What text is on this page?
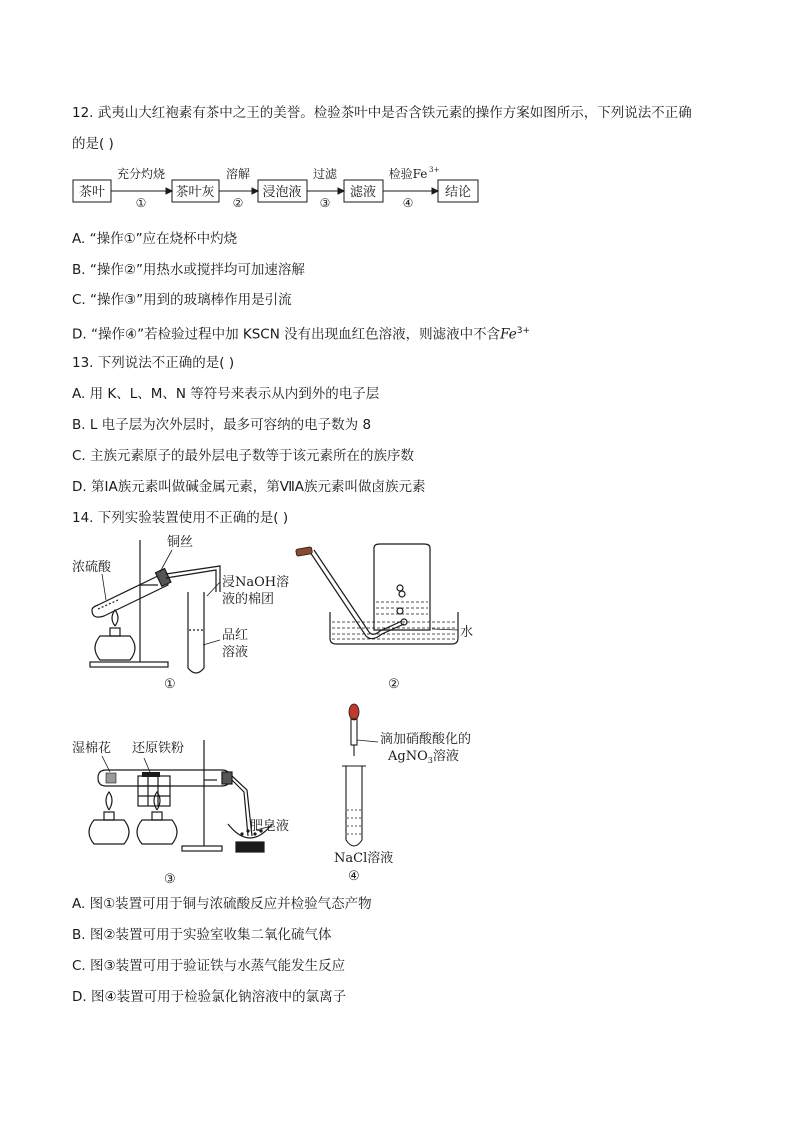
12. 武夷山大红袍素有茶中之王的美誉。检验茶叶中是否含铁元素的操作方案如图所示，下列说法不正确
的是( )
茶叶	茶叶灰	浸泡液	滤液	结论
充分灼烧	溶解	过滤	检验Fe 3+
①	②	③	④
A. “操作①”应在烧杯中灼烧
B. “操作②”用热水或搅拌均可加速溶解
C. “操作③”用到的玻璃棒作用是引流
D. “操作④”若检验过程中加 KSCN 没有出现血红色溶液，则滤液中不含$Fe^{3+}$
13. 下列说法不正确的是( )
A. 用 K、L、M、N 等符号来表示从内到外的电子层
B. L 电子层为次外层时，最多可容纳的电子数为 8
C. 主族元素原子的最外层电子数等于该元素所在的族序数
D. 第ⅠA族元素叫做碱金属元素，第ⅦA族元素叫做卤族元素
14. 下列实验装置使用不正确的是( )
铜丝
浓硫酸
浸NaOH溶
液的棉团
品红
溶液
①
水
②
湿棉花 还原铁粉
肥皂液
③
滴加硝酸酸化的
AgNO$_3$溶液
NaCl溶液
④
A. 图①装置可用于铜与浓硫酸反应并检验气态产物
B. 图②装置可用于实验室收集二氧化硫气体
C. 图③装置可用于验证铁与水蒸气能发生反应
D. 图④装置可用于检验氯化钠溶液中的氯离子
